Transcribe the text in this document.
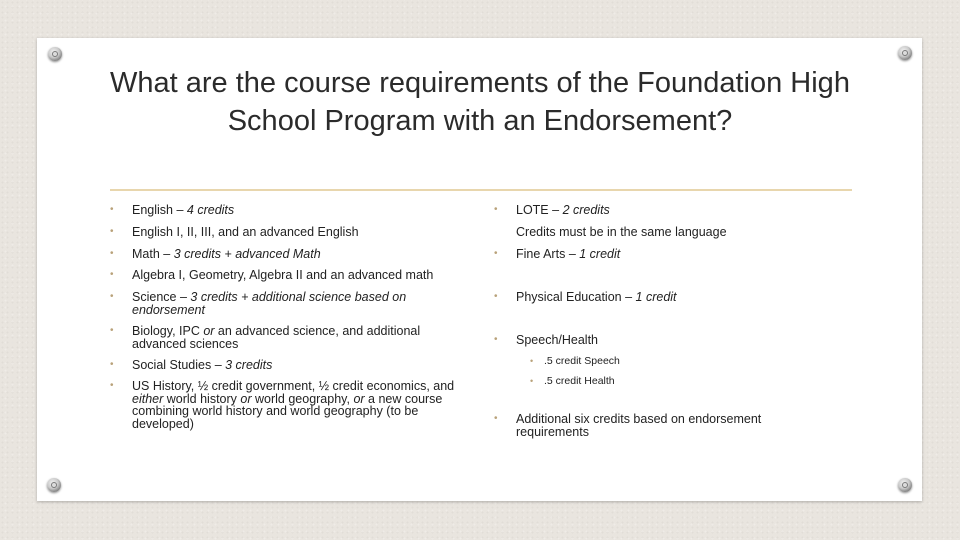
What are the course requirements of the Foundation High School Program with an Endorsement?
• English – 4 credits
• English I, II, III, and an advanced English
• Math – 3 credits + advanced Math
• Algebra I, Geometry, Algebra II and an advanced math
• Science – 3 credits + additional science based on endorsement
• Biology, IPC or an advanced science, and additional advanced sciences
• Social Studies – 3 credits
• US History, ½ credit government, ½ credit economics, and either world history or world geography, or a new course combining world history and world geography (to be developed)
• LOTE – 2 credits
Credits must be in the same language
• Fine Arts – 1 credit
• Physical Education – 1 credit
• Speech/Health
• .5 credit Speech
• .5 credit Health
• Additional six credits based on endorsement requirements
